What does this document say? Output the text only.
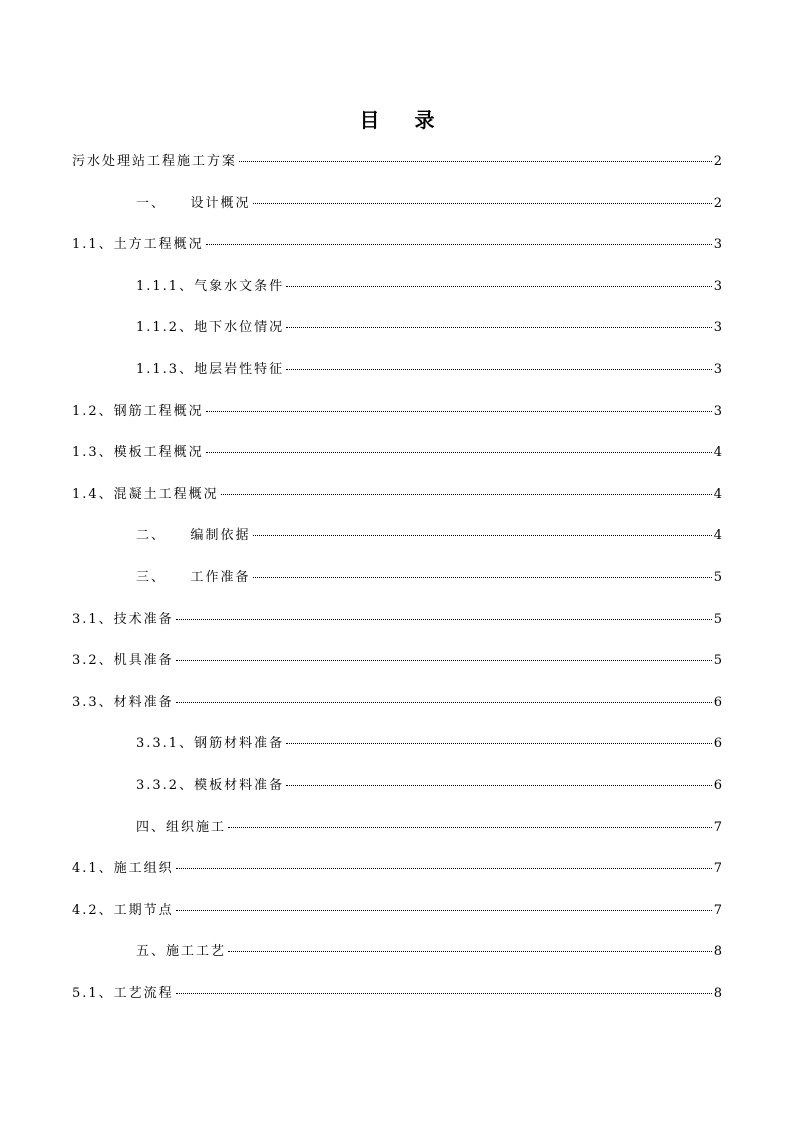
目 录
污水处理站工程施工方案	2
一、    设计概况	2
1.1、土方工程概况	3
1.1.1、气象水文条件	3
1.1.2、地下水位情况	3
1.1.3、地层岩性特征	3
1.2、钢筋工程概况	3
1.3、模板工程概况	4
1.4、混凝土工程概况	4
二、    编制依据	4
三、    工作准备	5
3.1、技术准备	5
3.2、机具准备	5
3.3、材料准备	6
3.3.1、钢筋材料准备	6
3.3.2、模板材料准备	6
四、组织施工	7
4.1、施工组织	7
4.2、工期节点	7
五、施工工艺	8
5.1、工艺流程	8
